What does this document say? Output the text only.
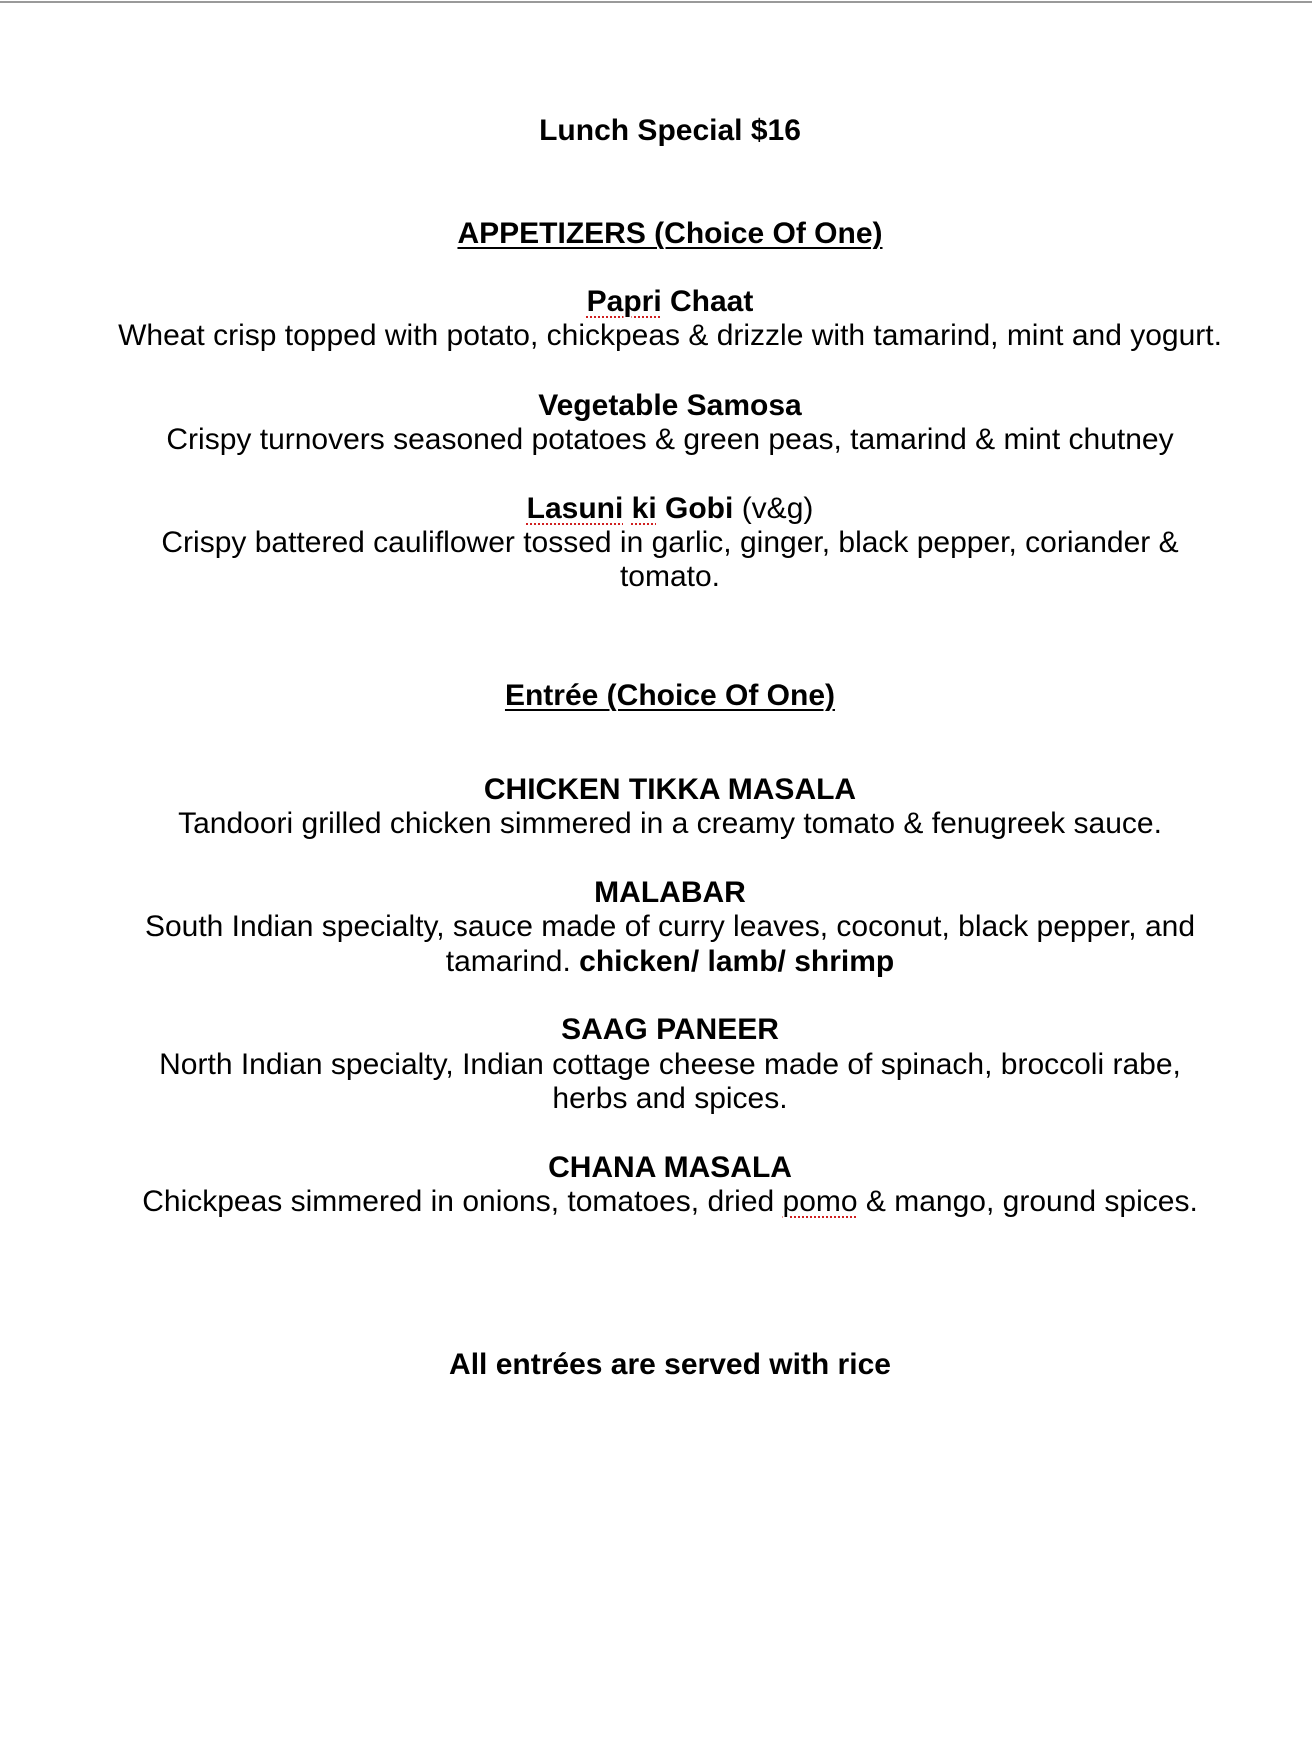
Lunch Special $16
APPETIZERS (Choice Of One)
Papri Chaat
Wheat crisp topped with potato, chickpeas & drizzle with tamarind, mint and yogurt.
Vegetable Samosa
Crispy turnovers seasoned potatoes & green peas, tamarind & mint chutney
Lasuni ki Gobi (v&g)
Crispy battered cauliflower tossed in garlic, ginger, black pepper, coriander &
tomato.
Entrée (Choice Of One)
CHICKEN TIKKA MASALA
Tandoori grilled chicken simmered in a creamy tomato & fenugreek sauce.
MALABAR
South Indian specialty, sauce made of curry leaves, coconut, black pepper, and
tamarind. chicken/ lamb/ shrimp
SAAG PANEER
North Indian specialty, Indian cottage cheese made of spinach, broccoli rabe,
herbs and spices.
CHANA MASALA
Chickpeas simmered in onions, tomatoes, dried pomo & mango, ground spices.
All entrées are served with rice
